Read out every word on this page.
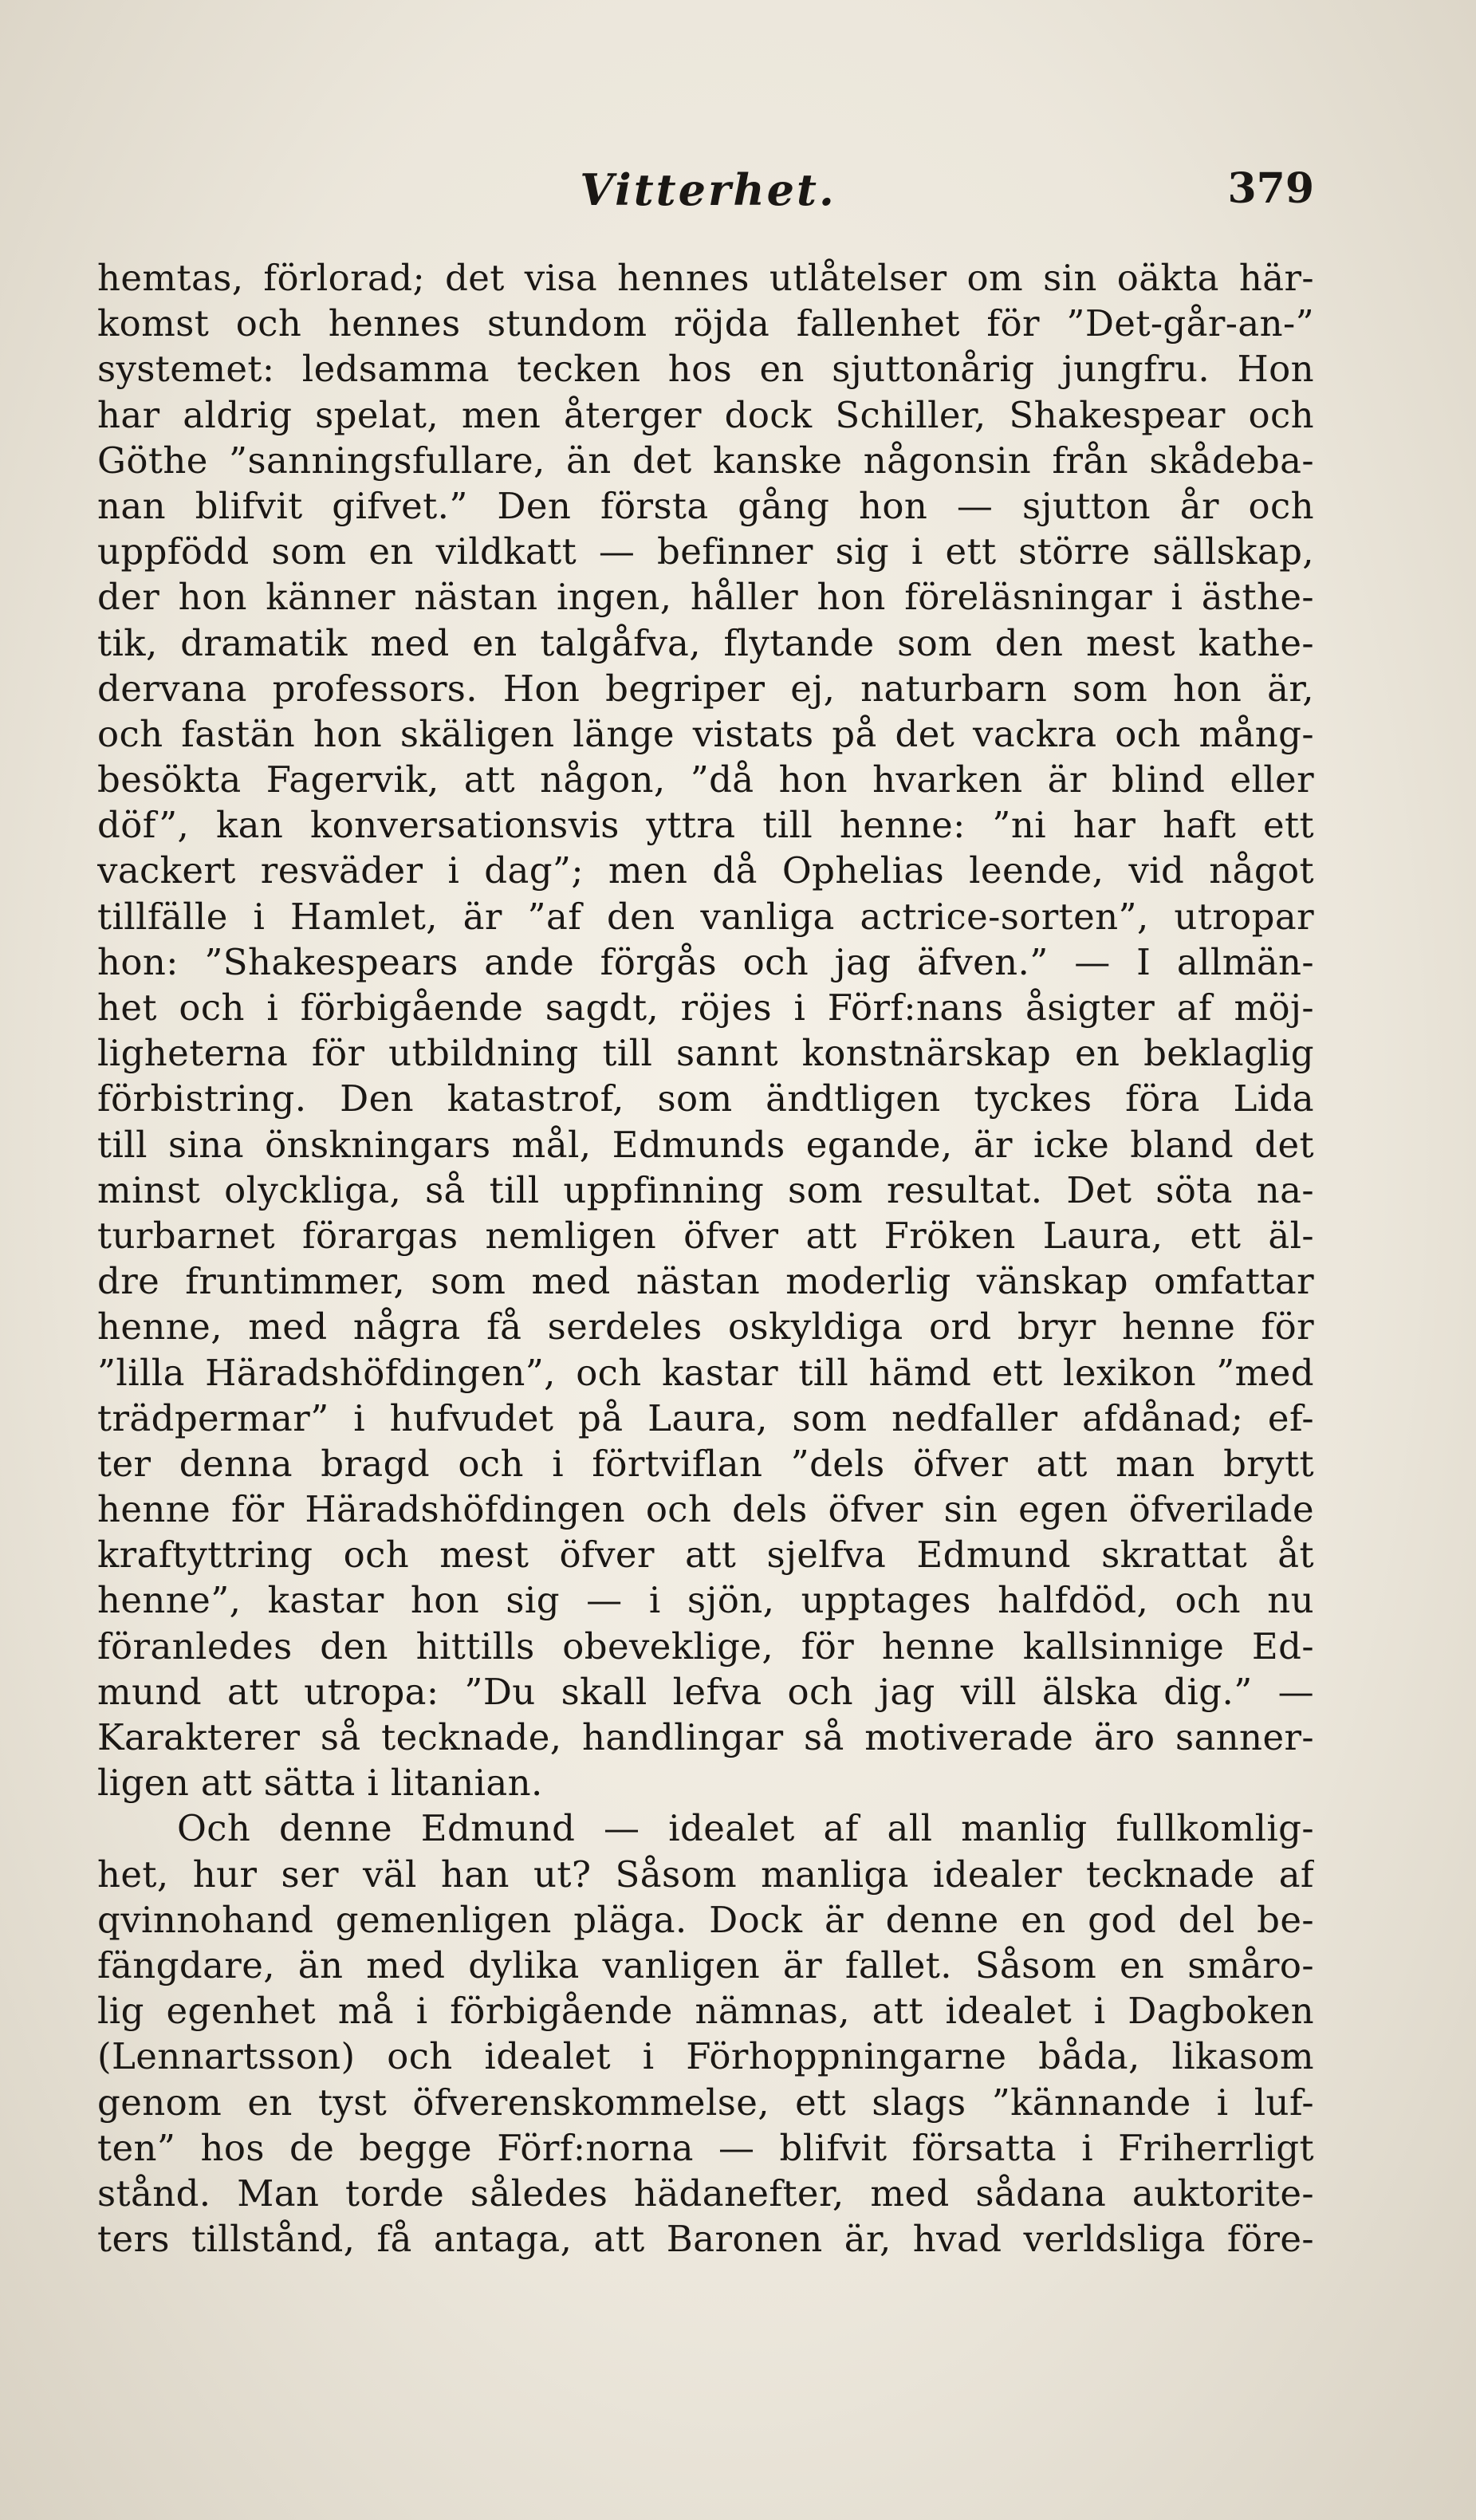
Vitterhet.	379
hemtas, förlorad; det visa hennes utlåtelser om sin oäkta här-
komst och hennes stundom röjda fallenhet för ”Det-går-an-”
systemet: ledsamma tecken hos en sjuttonårig jungfru. Hon
har aldrig spelat, men återger dock Schiller, Shakespear och
Göthe ”sanningsfullare, än det kanske någonsin från skådeba-
nan blifvit gifvet.” Den första gång hon — sjutton år och
uppfödd som en vildkatt — befinner sig i ett större sällskap,
der hon känner nästan ingen, håller hon föreläsningar i ästhe-
tik, dramatik med en talgåfva, flytande som den mest kathe-
dervana professors. Hon begriper ej, naturbarn som hon är,
och fastän hon skäligen länge vistats på det vackra och mång-
besökta Fagervik, att någon, ”då hon hvarken är blind eller
döf”, kan konversationsvis yttra till henne: ”ni har haft ett
vackert resväder i dag”; men då Ophelias leende, vid något
tillfälle i Hamlet, är ”af den vanliga actrice-sorten”, utropar
hon: ”Shakespears ande förgås och jag äfven.” — I allmän-
het och i förbigående sagdt, röjes i Förf:nans åsigter af möj-
ligheterna för utbildning till sannt konstnärskap en beklaglig
förbistring. Den katastrof, som ändtligen tyckes föra Lida
till sina önskningars mål, Edmunds egande, är icke bland det
minst olyckliga, så till uppfinning som resultat. Det söta na-
turbarnet förargas nemligen öfver att Fröken Laura, ett äl-
dre fruntimmer, som med nästan moderlig vänskap omfattar
henne, med några få serdeles oskyldiga ord bryr henne för
”lilla Häradshöfdingen”, och kastar till hämd ett lexikon ”med
trädpermar” i hufvudet på Laura, som nedfaller afdånad; ef-
ter denna bragd och i förtviflan ”dels öfver att man brytt
henne för Häradshöfdingen och dels öfver sin egen öfverilade
kraftyttring och mest öfver att sjelfva Edmund skrattat åt
henne”, kastar hon sig — i sjön, upptages halfdöd, och nu
föranledes den hittills obeveklige, för henne kallsinnige Ed-
mund att utropa: ”Du skall lefva och jag vill älska dig.” —
Karakterer så tecknade, handlingar så motiverade äro sanner-
ligen att sätta i litanian.
Och denne Edmund — idealet af all manlig fullkomlig-
het, hur ser väl han ut? Såsom manliga idealer tecknade af
qvinnohand gemenligen pläga. Dock är denne en god del be-
fängdare, än med dylika vanligen är fallet. Såsom en småro-
lig egenhet må i förbigående nämnas, att idealet i Dagboken
(Lennartsson) och idealet i Förhoppningarne båda, likasom
genom en tyst öfverenskommelse, ett slags ”kännande i luf-
ten” hos de begge Förf:norna — blifvit försatta i Friherrligt
stånd. Man torde således hädanefter, med sådana auktorite-
ters tillstånd, få antaga, att Baronen är, hvad verldsliga före-
